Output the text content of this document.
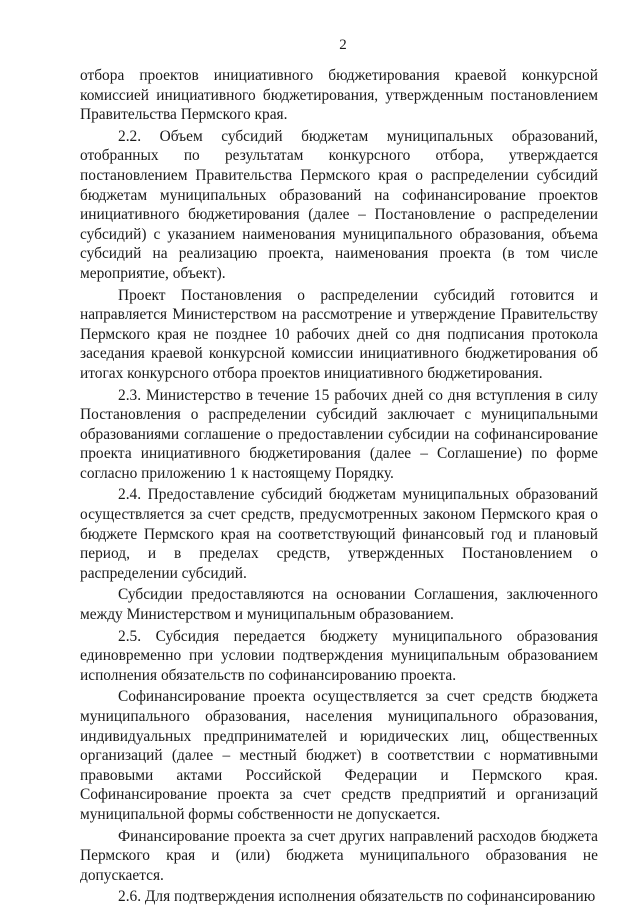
2

отбора проектов инициативного бюджетирования краевой конкурсной комиссией инициативного бюджетирования, утвержденным постановлением Правительства Пермского края.

2.2. Объем субсидий бюджетам муниципальных образований, отобранных по результатам конкурсного отбора, утверждается постановлением Правительства Пермского края о распределении субсидий бюджетам муниципальных образований на софинансирование проектов инициативного бюджетирования (далее – Постановление о распределении субсидий) с указанием наименования муниципального образования, объема субсидий на реализацию проекта, наименования проекта (в том числе мероприятие, объект).

Проект Постановления о распределении субсидий готовится и направляется Министерством на рассмотрение и утверждение Правительству Пермского края не позднее 10 рабочих дней со дня подписания протокола заседания краевой конкурсной комиссии инициативного бюджетирования об итогах конкурсного отбора проектов инициативного бюджетирования.

2.3. Министерство в течение 15 рабочих дней со дня вступления в силу Постановления о распределении субсидий заключает с муниципальными образованиями соглашение о предоставлении субсидии на софинансирование проекта инициативного бюджетирования (далее – Соглашение) по форме согласно приложению 1 к настоящему Порядку.

2.4. Предоставление субсидий бюджетам муниципальных образований осуществляется за счет средств, предусмотренных законом Пермского края о бюджете Пермского края на соответствующий финансовый год и плановый период, и в пределах средств, утвержденных Постановлением о распределении субсидий.

Субсидии предоставляются на основании Соглашения, заключенного между Министерством и муниципальным образованием.

2.5. Субсидия передается бюджету муниципального образования единовременно при условии подтверждения муниципальным образованием исполнения обязательств по софинансированию проекта.

Софинансирование проекта осуществляется за счет средств бюджета муниципального образования, населения муниципального образования, индивидуальных предпринимателей и юридических лиц, общественных организаций (далее – местный бюджет) в соответствии с нормативными правовыми актами Российской Федерации и Пермского края. Софинансирование проекта за счет средств предприятий и организаций муниципальной формы собственности не допускается.

Финансирование проекта за счет других направлений расходов бюджета Пермского края и (или) бюджета муниципального образования не допускается.

2.6. Для подтверждения исполнения обязательств по софинансированию
